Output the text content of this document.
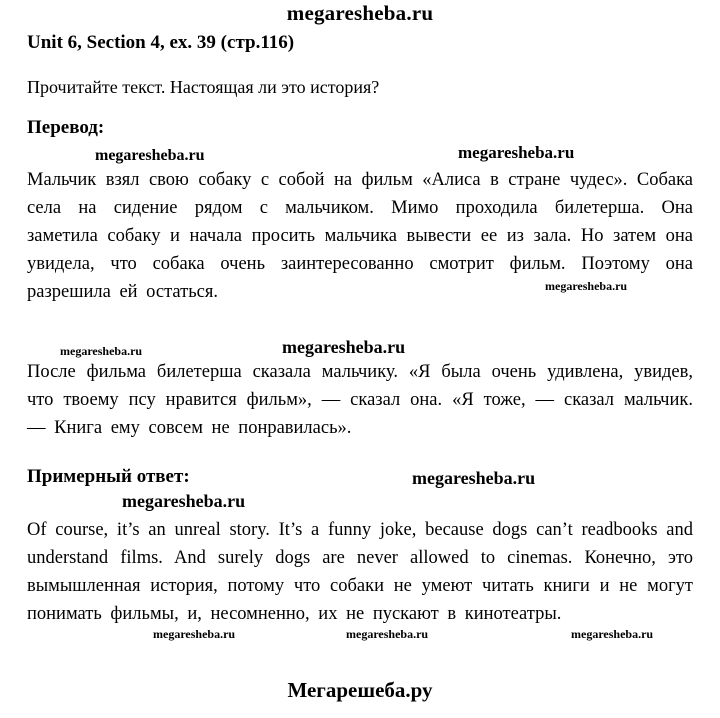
megaresheba.ru
Unit 6, Section 4, ex. 39 (стр.116)
Прочитайте текст. Настоящая ли это история?
Перевод:
megaresheba.ru	megaresheba.ru
Мальчик взял свою собаку с собой на фильм «Алиса в стране чудес». Собака села на сидение рядом с мальчиком. Мимо проходила билетерша. Она заметила собаку и начала просить мальчика вывести ее из зала. Но затем она увидела, что собака очень заинтересованно смотрит фильм. Поэтому она разрешила ей остаться.	megaresheba.ru
megaresheba.ru	megaresheba.ru
После фильма билетерша сказала мальчику. «Я была очень удивлена, увидев, что твоему псу нравится фильм», — сказал она. «Я тоже, — сказал мальчик. — Книга ему совсем не понравилась».
Примерный ответ:	megaresheba.ru
megaresheba.ru
Of course, it’s an unreal story. It’s a funny joke, because dogs can’t readbooks and understand films. And surely dogs are never allowed to cinemas. Конечно, это вымышленная история, потому что собаки не умеют читать книги и не могут понимать фильмы, и, несомненно, их не пускают в кинотеатры.
megaresheba.ru	megaresheba.ru	megaresheba.ru
Мегарешеба.ру
